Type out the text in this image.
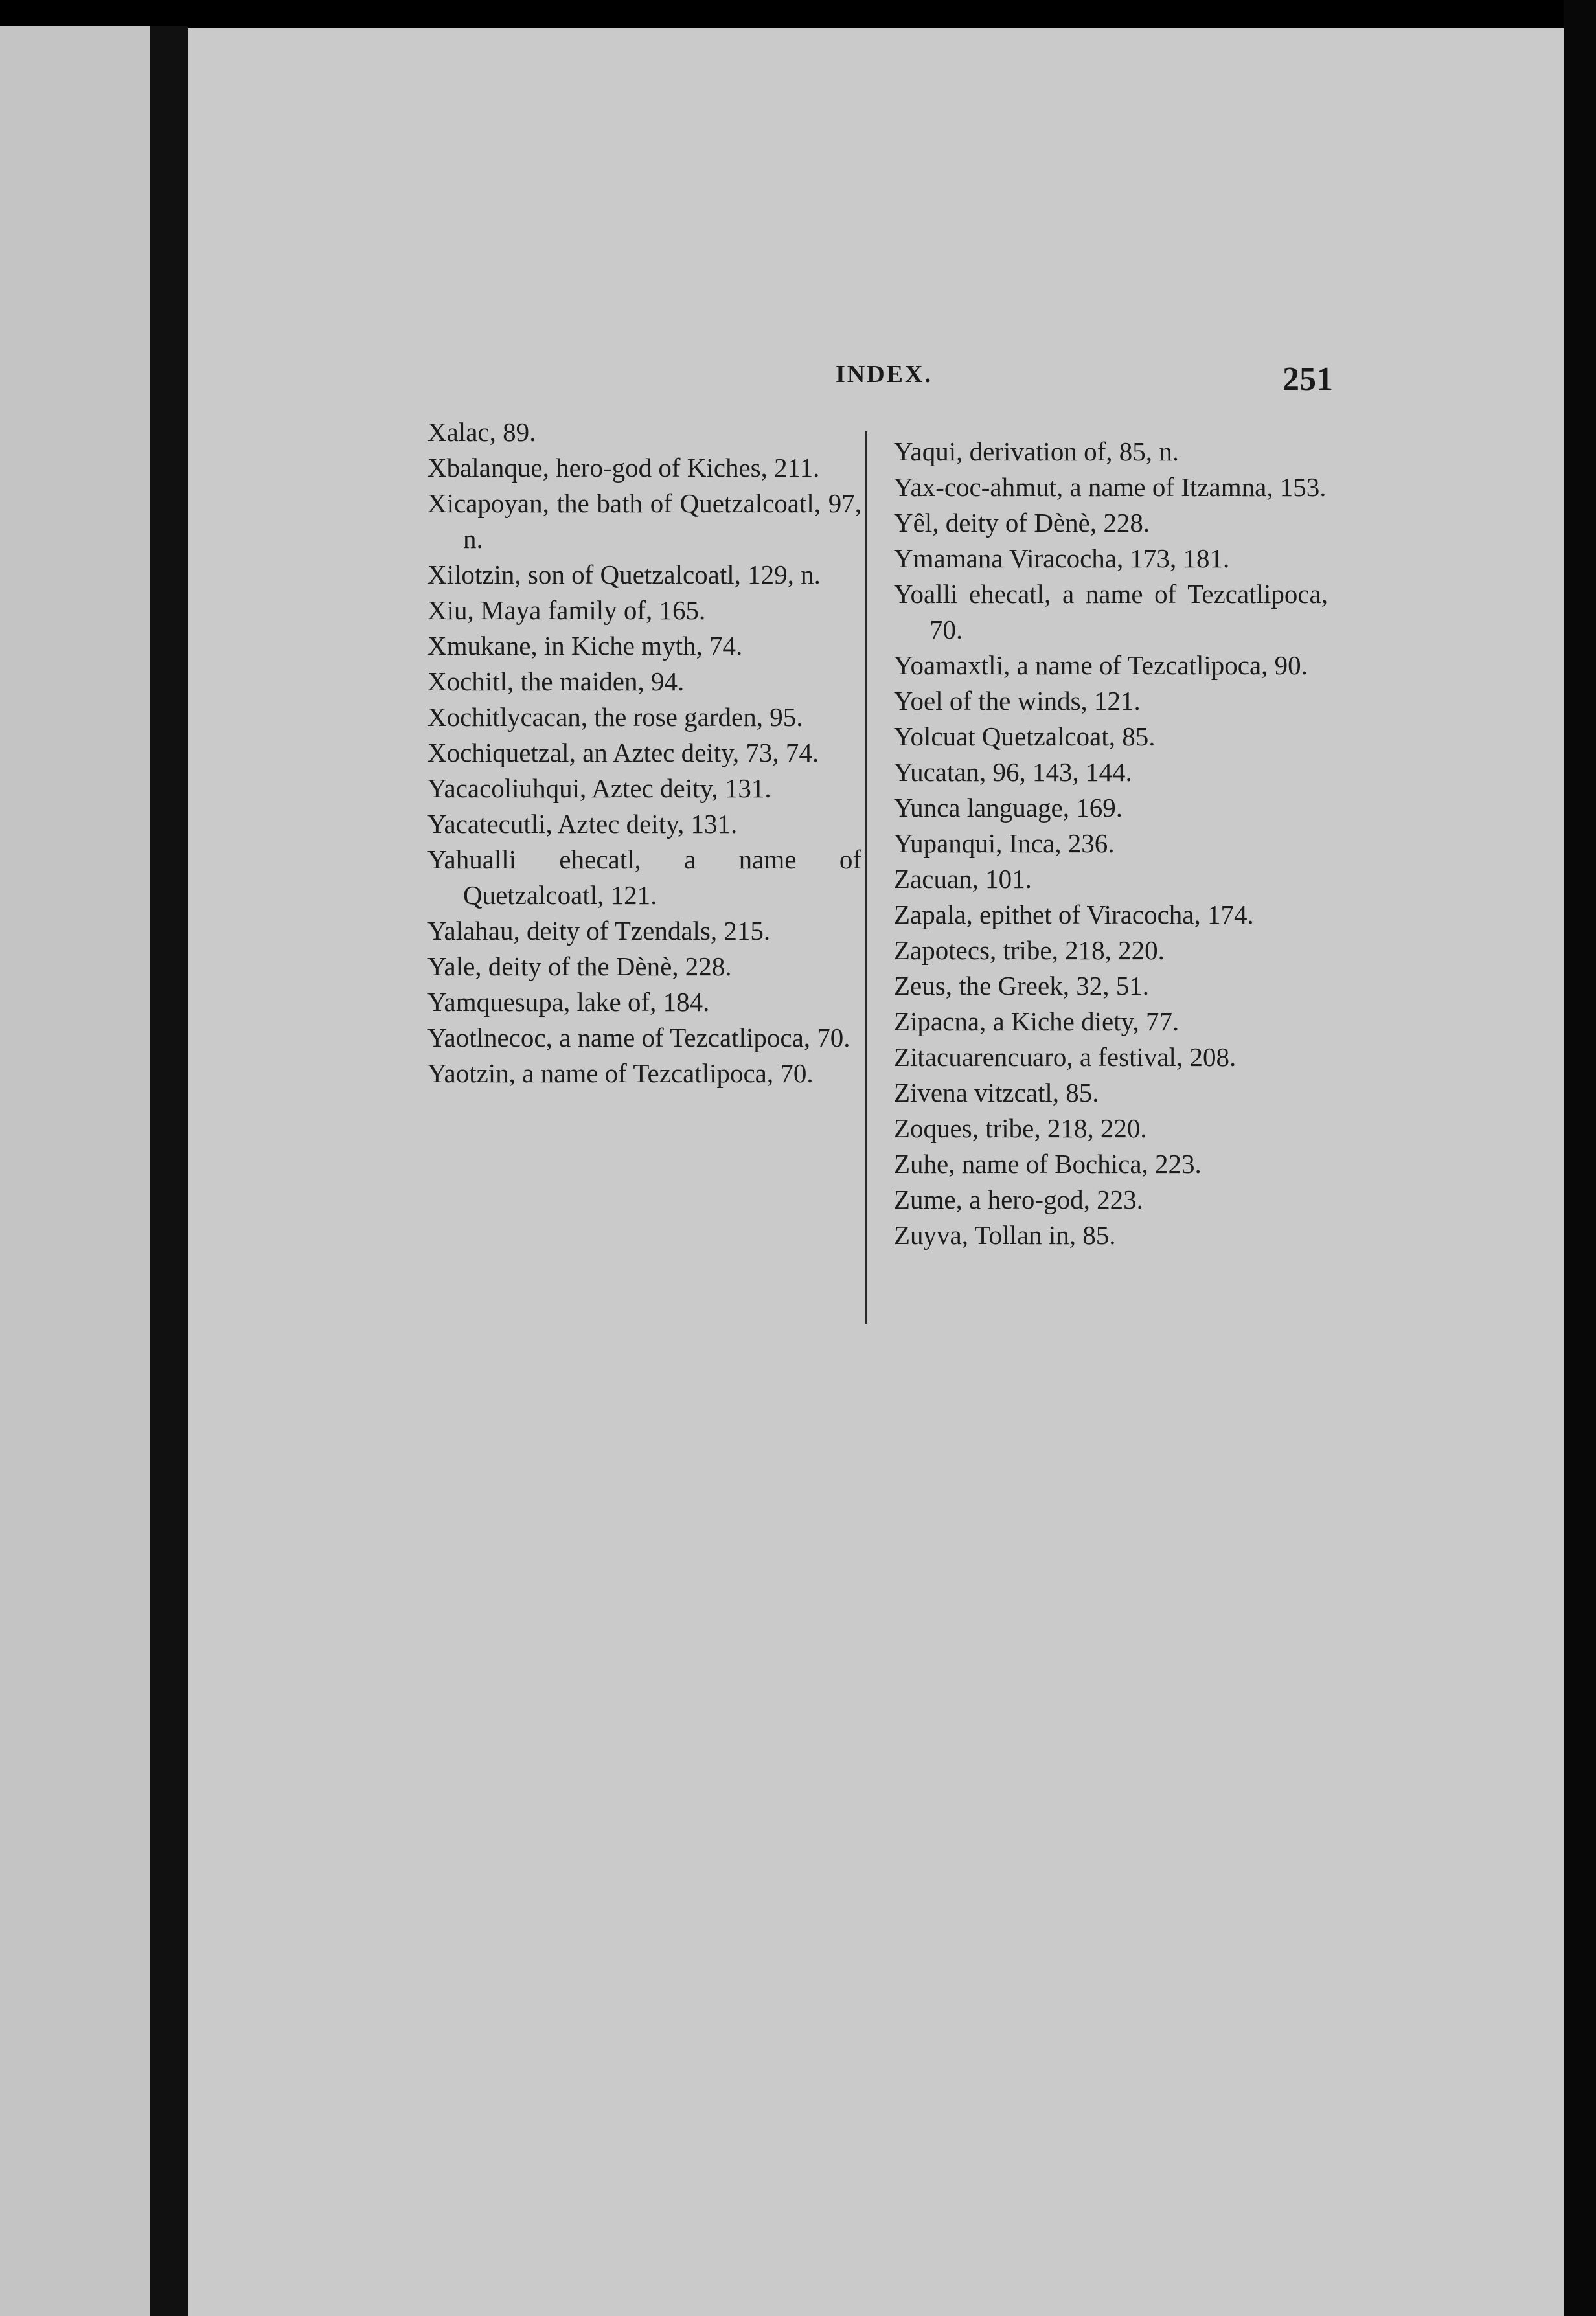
INDEX.	251
Xalac, 89.
Xbalanque, hero-god of Kiches, 211.
Xicapoyan, the bath of Quetzalcoatl, 97, n.
Xilotzin, son of Quetzalcoatl, 129, n.
Xiu, Maya family of, 165.
Xmukane, in Kiche myth, 74.
Xochitl, the maiden, 94.
Xochitlycacan, the rose garden, 95.
Xochiquetzal, an Aztec deity, 73, 74.
Yacacoliuhqui, Aztec deity, 131.
Yacatecutli, Aztec deity, 131.
Yahualli ehecatl, a name of Quetzalcoatl, 121.
Yalahau, deity of Tzendals, 215.
Yale, deity of the Dènè, 228.
Yamquesupa, lake of, 184.
Yaotlnecoc, a name of Tezcatlipoca, 70.
Yaotzin, a name of Tezcatlipoca, 70.
Yaqui, derivation of, 85, n.
Yax-coc-ahmut, a name of Itzamna, 153.
Yêl, deity of Dènè, 228.
Ymamana Viracocha, 173, 181.
Yoalli ehecatl, a name of Tezcatlipoca, 70.
Yoamaxtli, a name of Tezcatlipoca, 90.
Yoel of the winds, 121.
Yolcuat Quetzalcoat, 85.
Yucatan, 96, 143, 144.
Yunca language, 169.
Yupanqui, Inca, 236.
Zacuan, 101.
Zapala, epithet of Viracocha, 174.
Zapotecs, tribe, 218, 220.
Zeus, the Greek, 32, 51.
Zipacna, a Kiche diety, 77.
Zitacuarencuaro, a festival, 208.
Zivena vitzcatl, 85.
Zoques, tribe, 218, 220.
Zuhe, name of Bochica, 223.
Zume, a hero-god, 223.
Zuyva, Tollan in, 85.
